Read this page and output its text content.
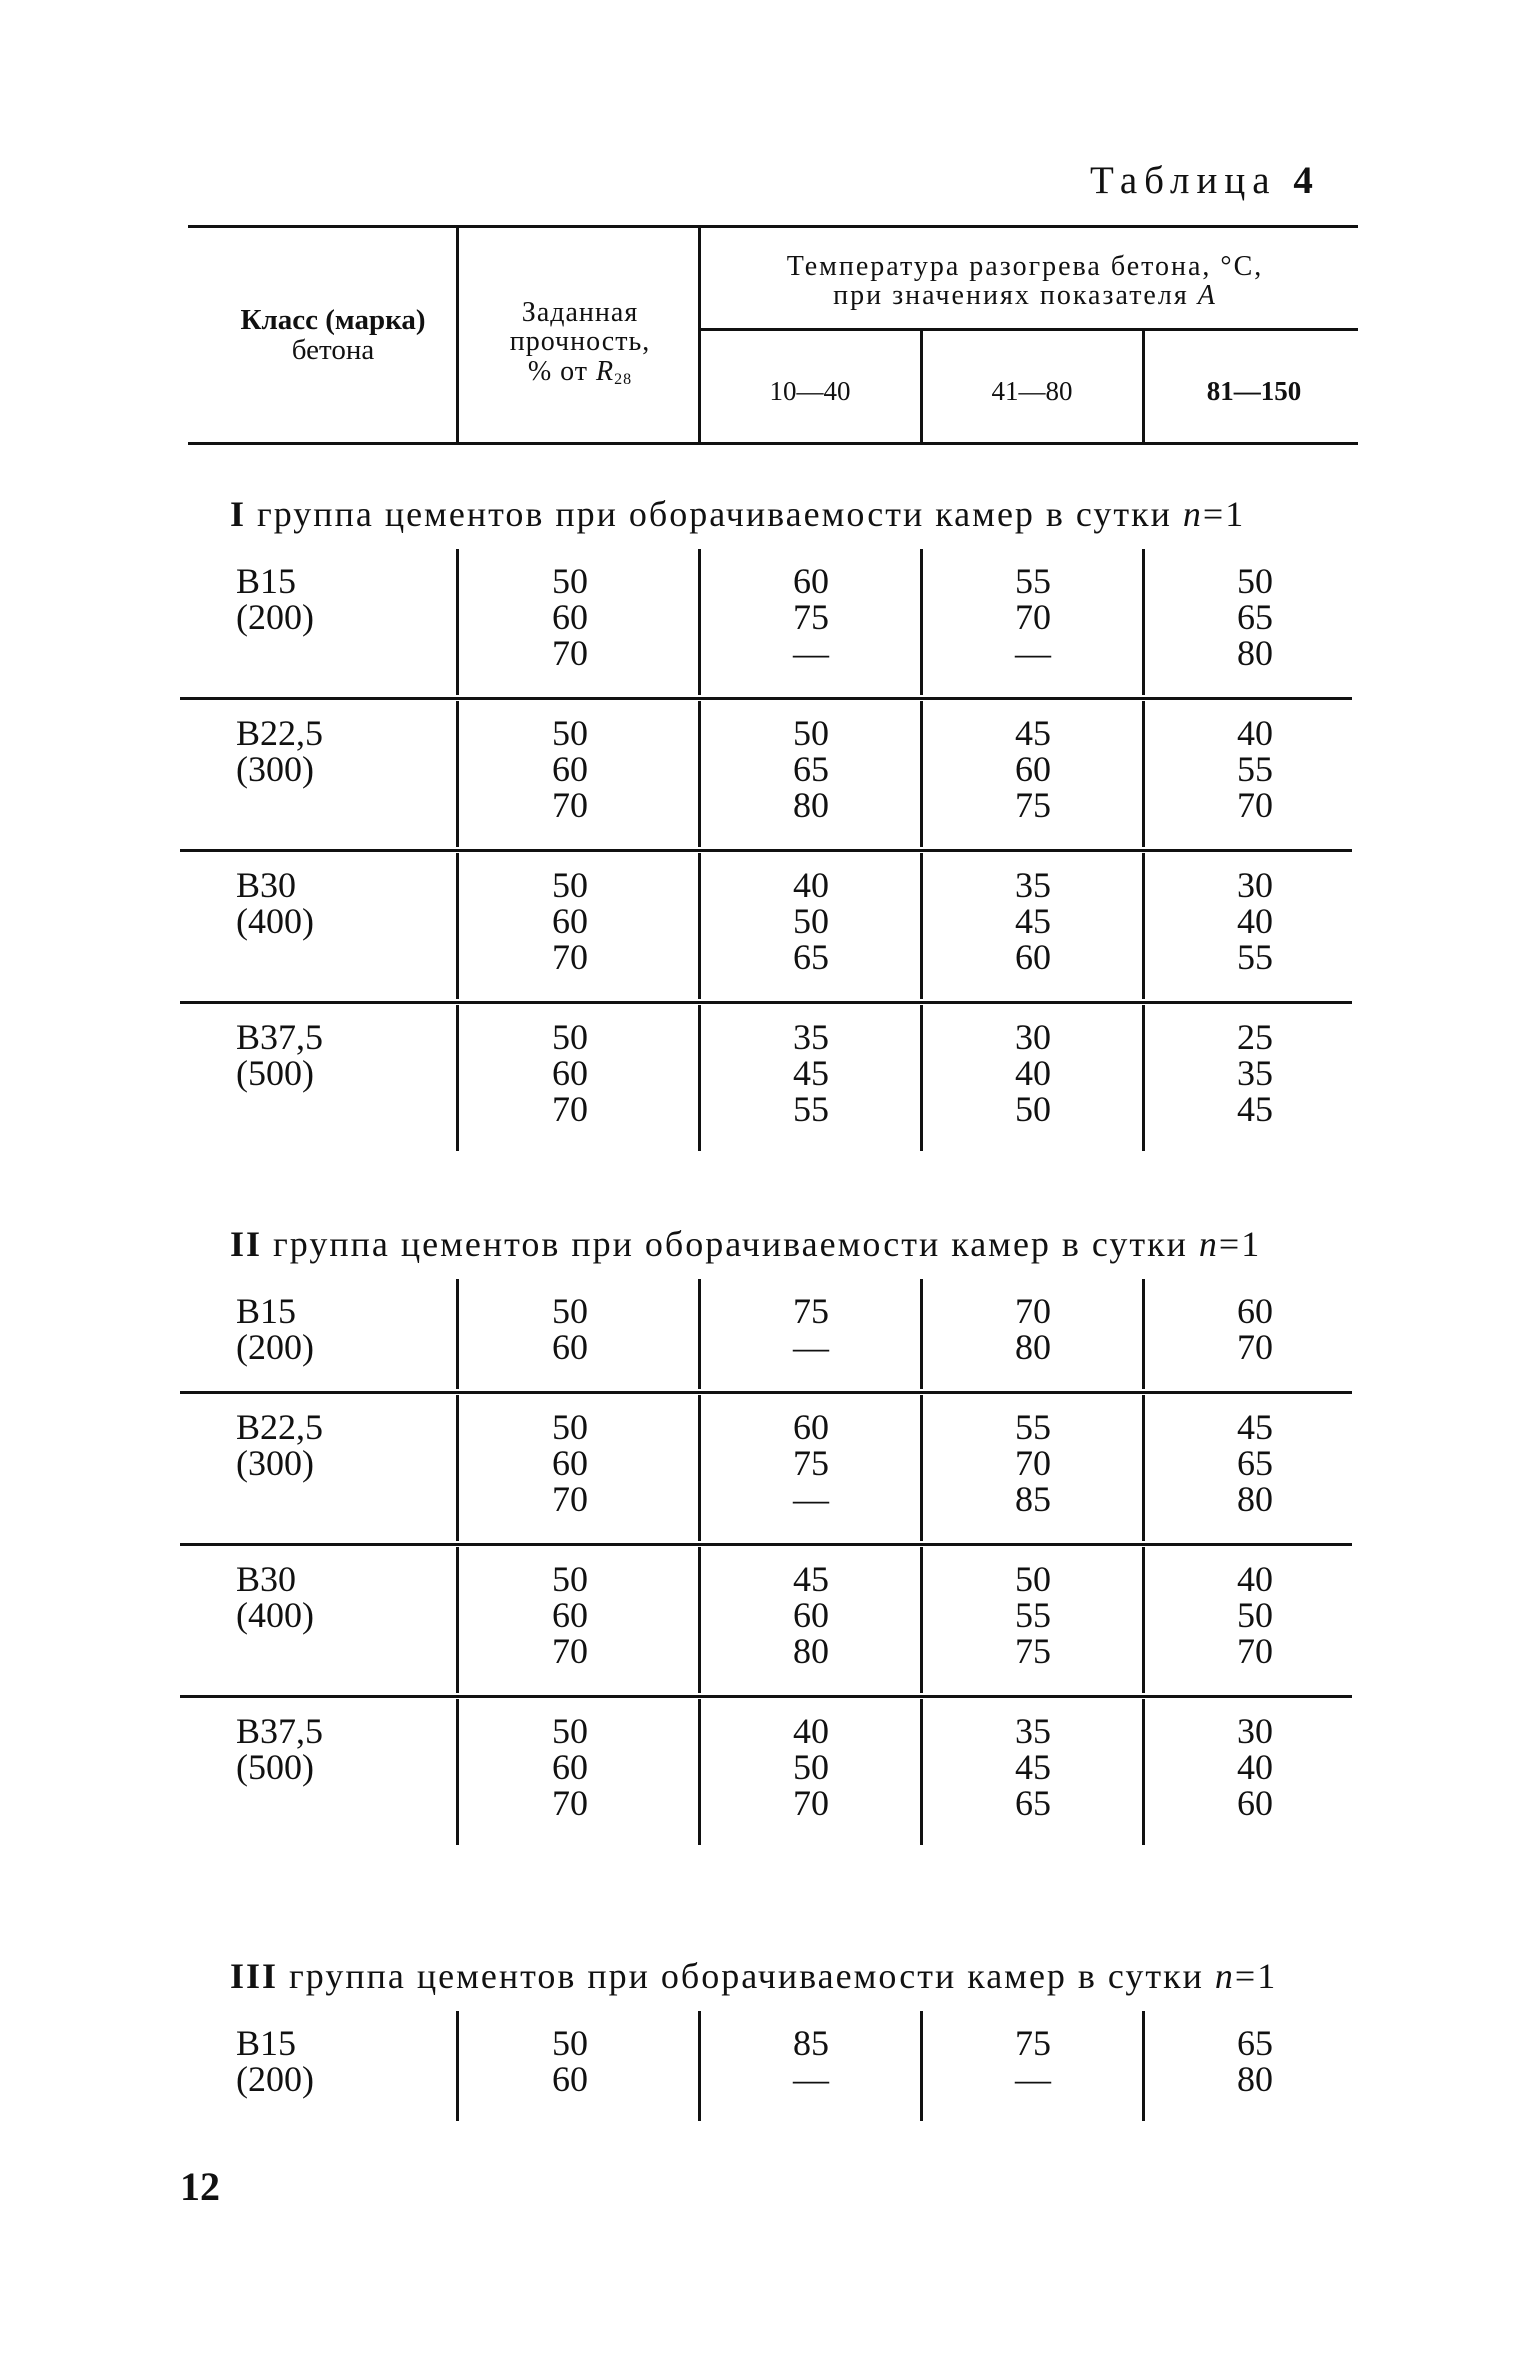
Таблица 4
Класс (марка)
бетона
Заданная
прочность,
% от R28
Температура разогрева бетона, °С,
при значениях показателя A
10—40	41—80	81—150
12
I группа цементов при оборачиваемости камер в сутки n=1
B15
(200)
50
60
70
60
75
—
55
70
—
50
65
80
B22,5
(300)
50
60
70
50
65
80
45
60
75
40
55
70
B30
(400)
50
60
70
40
50
65
35
45
60
30
40
55
B37,5
(500)
50
60
70
35
45
55
30
40
50
25
35
45
II группа цементов при оборачиваемости камер в сутки n=1
B15
(200)
50
60
75
—
70
80
60
70
B22,5
(300)
50
60
70
60
75
—
55
70
85
45
65
80
B30
(400)
50
60
70
45
60
80
50
55
75
40
50
70
B37,5
(500)
50
60
70
40
50
70
35
45
65
30
40
60
III группа цементов при оборачиваемости камер в сутки n=1
B15
(200)
50
60
85
—
75
—
65
80
